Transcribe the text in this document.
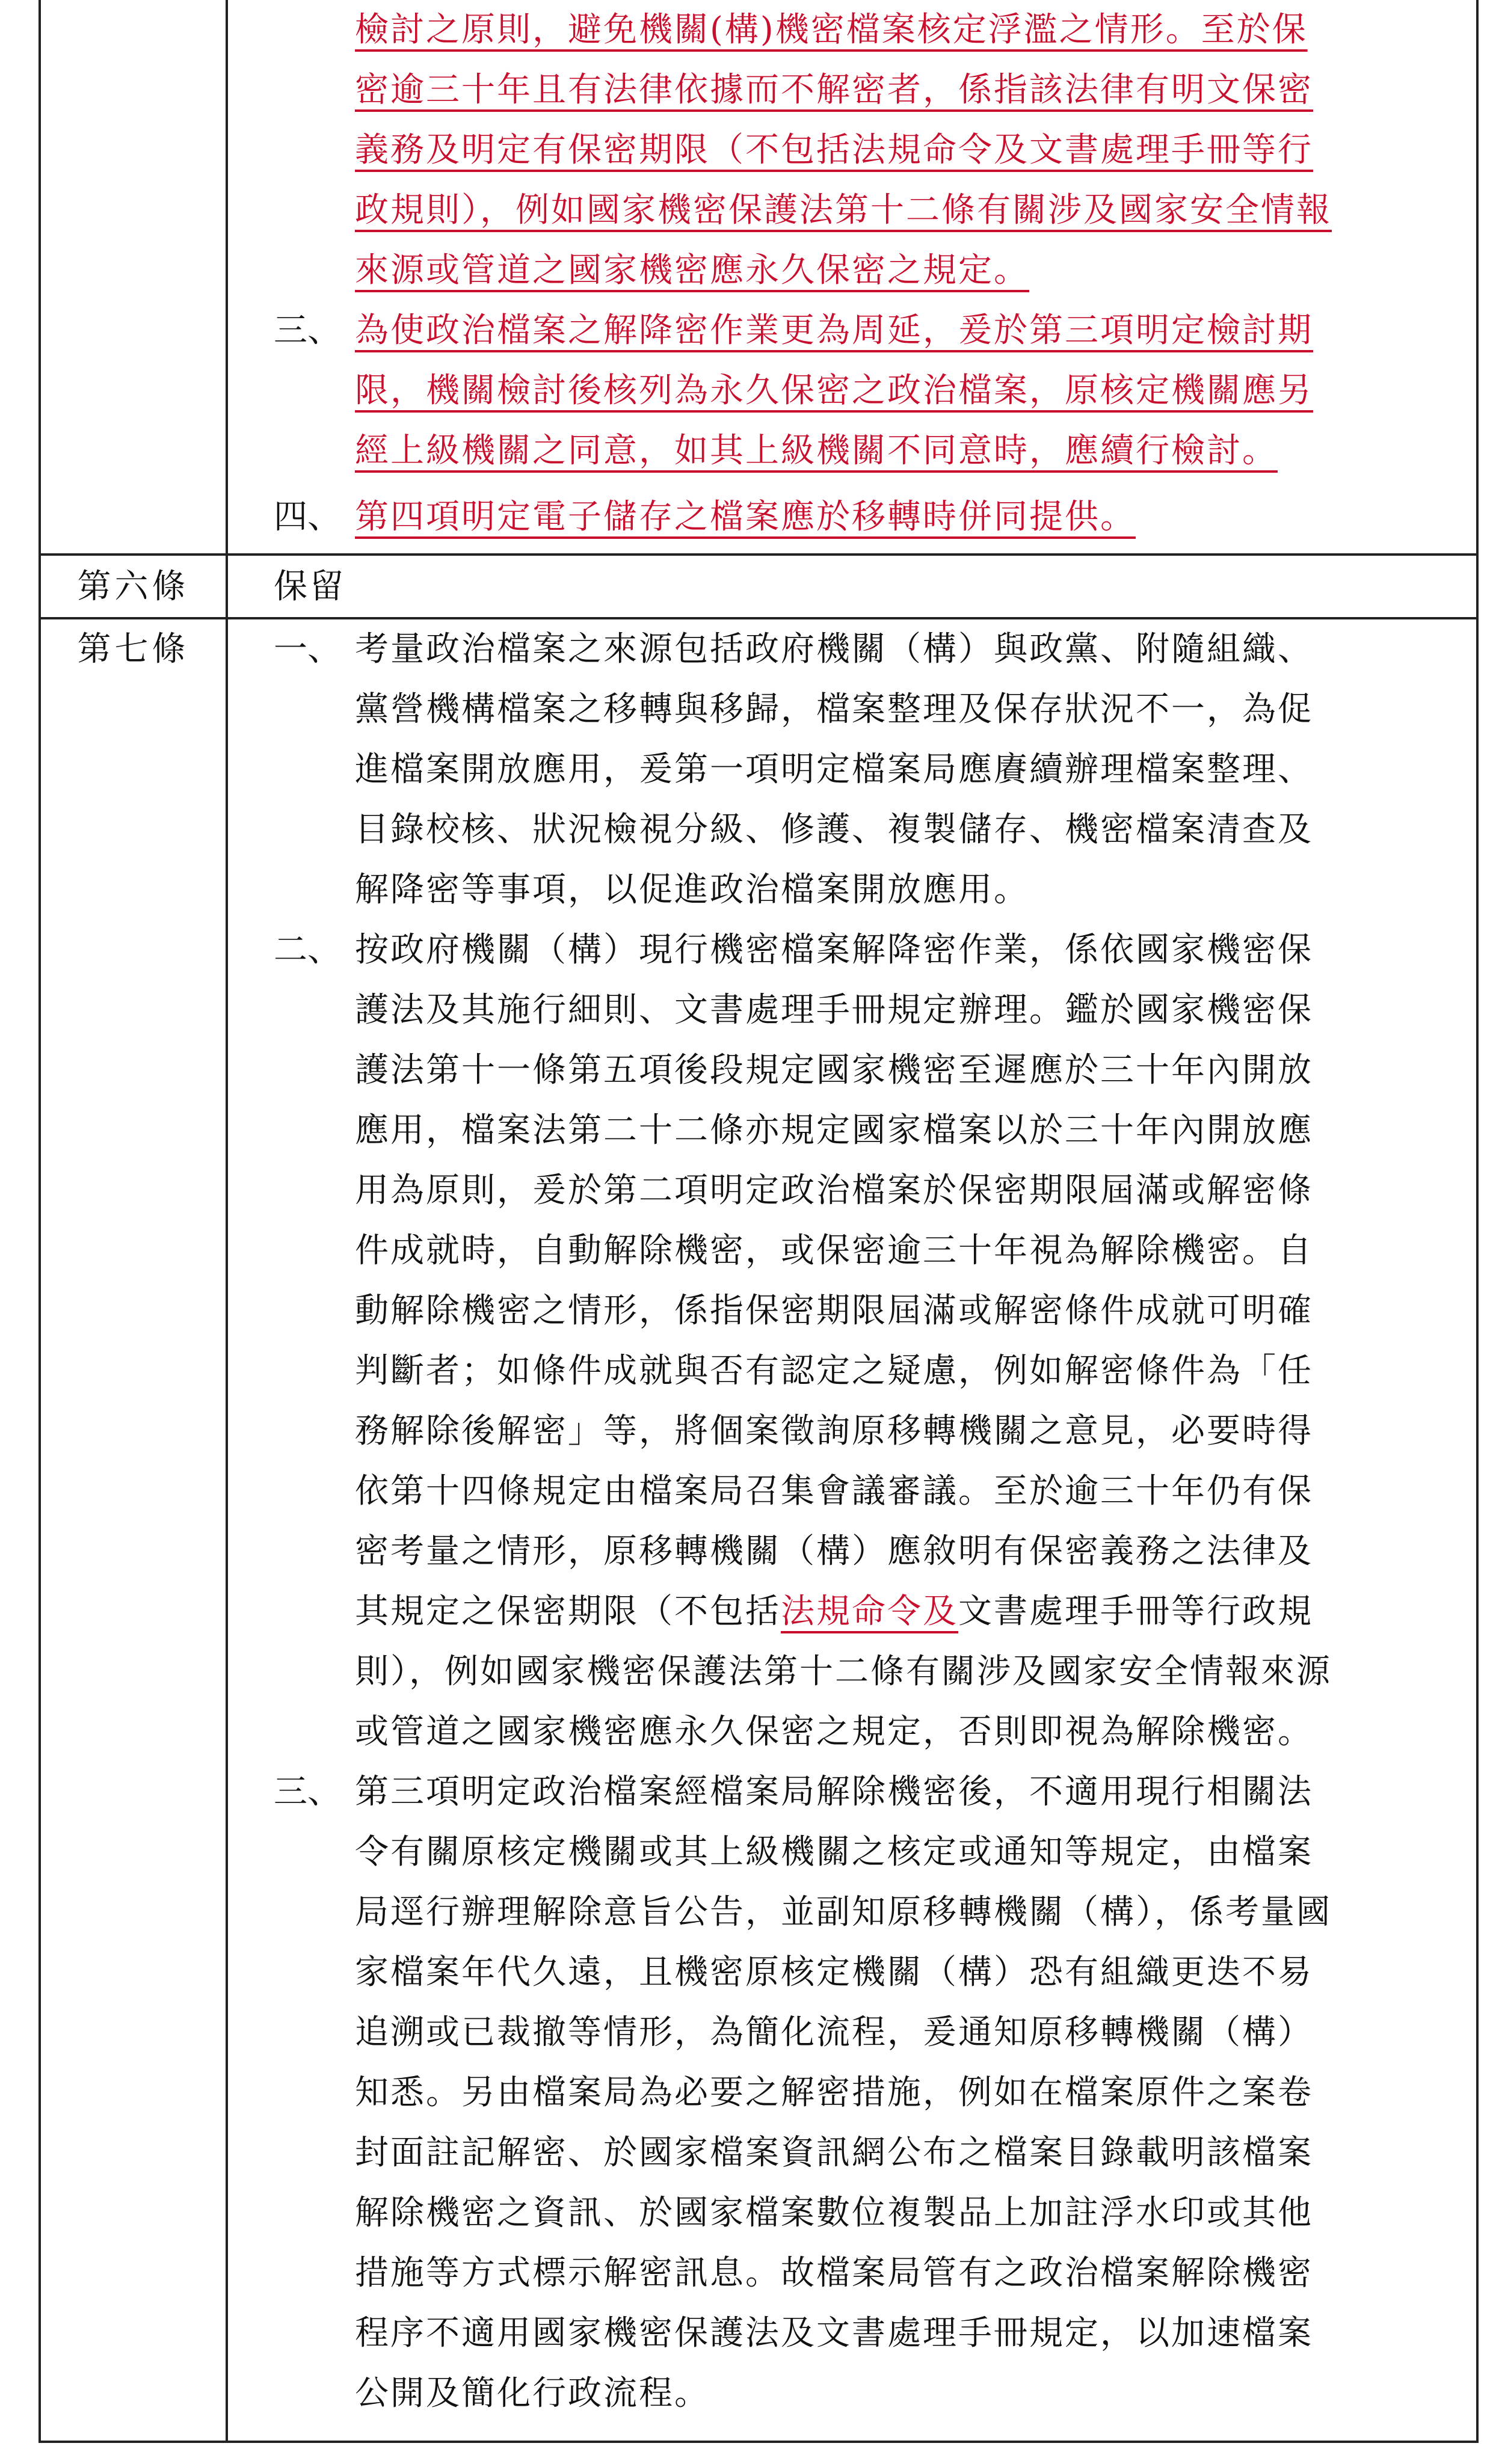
檢討之原則，避免機關(構)機密檔案核定浮濫之情形。至於保
密逾三十年且有法律依據而不解密者，係指該法律有明文保密
義務及明定有保密期限（不包括法規命令及文書處理手冊等行
政規則），例如國家機密保護法第十二條有關涉及國家安全情報
來源或管道之國家機密應永久保密之規定。
三、 為使政治檔案之解降密作業更為周延，爰於第三項明定檢討期
限，機關檢討後核列為永久保密之政治檔案，原核定機關應另
經上級機關之同意，如其上級機關不同意時，應續行檢討。
四、 第四項明定電子儲存之檔案應於移轉時併同提供。
第六條	保留
第七條	一、 考量政治檔案之來源包括政府機關（構）與政黨、附隨組織、
黨營機構檔案之移轉與移歸，檔案整理及保存狀況不一，為促
進檔案開放應用，爰第一項明定檔案局應賡續辦理檔案整理、
目錄校核、狀況檢視分級、修護、複製儲存、機密檔案清查及
解降密等事項，以促進政治檔案開放應用。
二、 按政府機關（構）現行機密檔案解降密作業，係依國家機密保
護法及其施行細則、文書處理手冊規定辦理。鑑於國家機密保
護法第十一條第五項後段規定國家機密至遲應於三十年內開放
應用，檔案法第二十二條亦規定國家檔案以於三十年內開放應
用為原則，爰於第二項明定政治檔案於保密期限屆滿或解密條
件成就時，自動解除機密，或保密逾三十年視為解除機密。自
動解除機密之情形，係指保密期限屆滿或解密條件成就可明確
判斷者；如條件成就與否有認定之疑慮，例如解密條件為「任
務解除後解密」等，將個案徵詢原移轉機關之意見，必要時得
依第十四條規定由檔案局召集會議審議。至於逾三十年仍有保
密考量之情形，原移轉機關（構）應敘明有保密義務之法律及
其規定之保密期限（不包括法規命令及文書處理手冊等行政規
則），例如國家機密保護法第十二條有關涉及國家安全情報來源
或管道之國家機密應永久保密之規定，否則即視為解除機密。
三、 第三項明定政治檔案經檔案局解除機密後，不適用現行相關法
令有關原核定機關或其上級機關之核定或通知等規定，由檔案
局逕行辦理解除意旨公告，並副知原移轉機關（構），係考量國
家檔案年代久遠，且機密原核定機關（構）恐有組織更迭不易
追溯或已裁撤等情形，為簡化流程，爰通知原移轉機關（構）
知悉。另由檔案局為必要之解密措施，例如在檔案原件之案卷
封面註記解密、於國家檔案資訊網公布之檔案目錄載明該檔案
解除機密之資訊、於國家檔案數位複製品上加註浮水印或其他
措施等方式標示解密訊息。故檔案局管有之政治檔案解除機密
程序不適用國家機密保護法及文書處理手冊規定，以加速檔案
公開及簡化行政流程。
